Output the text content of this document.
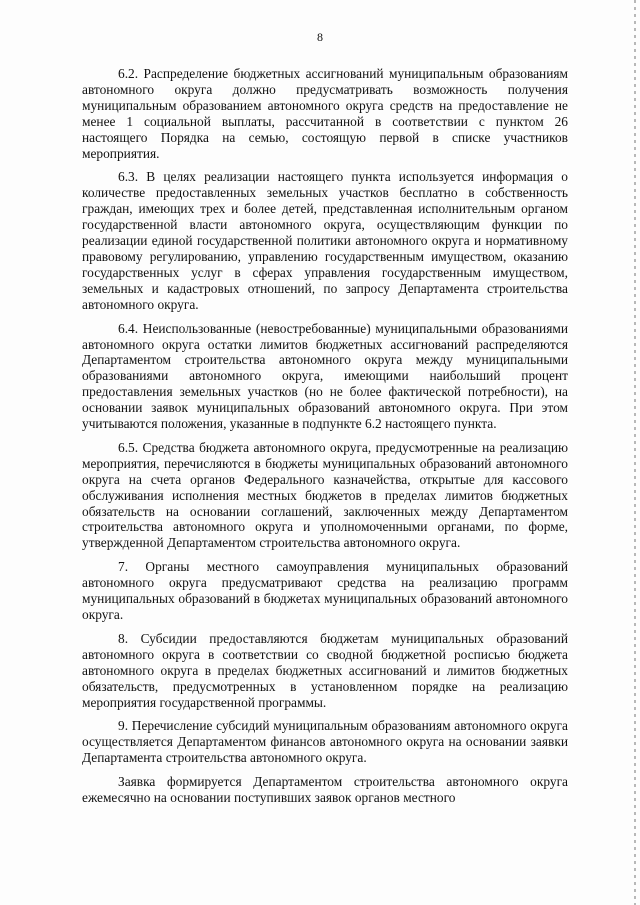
8

6.2. Распределение бюджетных ассигнований муниципальным образованиям автономного округа должно предусматривать возможность получения муниципальным образованием автономного округа средств на предоставление не менее 1 социальной выплаты, рассчитанной в соответствии с пунктом 26 настоящего Порядка на семью, состоящую первой в списке участников мероприятия.

6.3. В целях реализации настоящего пункта используется информация о количестве предоставленных земельных участков бесплатно в собственность граждан, имеющих трех и более детей, представленная исполнительным органом государственной власти автономного округа, осуществляющим функции по реализации единой государственной политики автономного округа и нормативному правовому регулированию, управлению государственным имуществом, оказанию государственных услуг в сферах управления государственным имуществом, земельных и кадастровых отношений, по запросу Департамента строительства автономного округа.

6.4. Неиспользованные (невостребованные) муниципальными образованиями автономного округа остатки лимитов бюджетных ассигнований распределяются Департаментом строительства автономного округа между муниципальными образованиями автономного округа, имеющими наибольший процент предоставления земельных участков (но не более фактической потребности), на основании заявок муниципальных образований автономного округа. При этом учитываются положения, указанные в подпункте 6.2 настоящего пункта.

6.5. Средства бюджета автономного округа, предусмотренные на реализацию мероприятия, перечисляются в бюджеты муниципальных образований автономного округа на счета органов Федерального казначейства, открытые для кассового обслуживания исполнения местных бюджетов в пределах лимитов бюджетных обязательств на основании соглашений, заключенных между Департаментом строительства автономного округа и уполномоченными органами, по форме, утвержденной Департаментом строительства автономного округа.

7. Органы местного самоуправления муниципальных образований автономного округа предусматривают средства на реализацию программ муниципальных образований в бюджетах муниципальных образований автономного округа.

8. Субсидии предоставляются бюджетам муниципальных образований автономного округа в соответствии со сводной бюджетной росписью бюджета автономного округа в пределах бюджетных ассигнований и лимитов бюджетных обязательств, предусмотренных в установленном порядке на реализацию мероприятия государственной программы.

9. Перечисление субсидий муниципальным образованиям автономного округа осуществляется Департаментом финансов автономного округа на основании заявки Департамента строительства автономного округа.

Заявка формируется Департаментом строительства автономного округа ежемесячно на основании поступивших заявок органов местного
